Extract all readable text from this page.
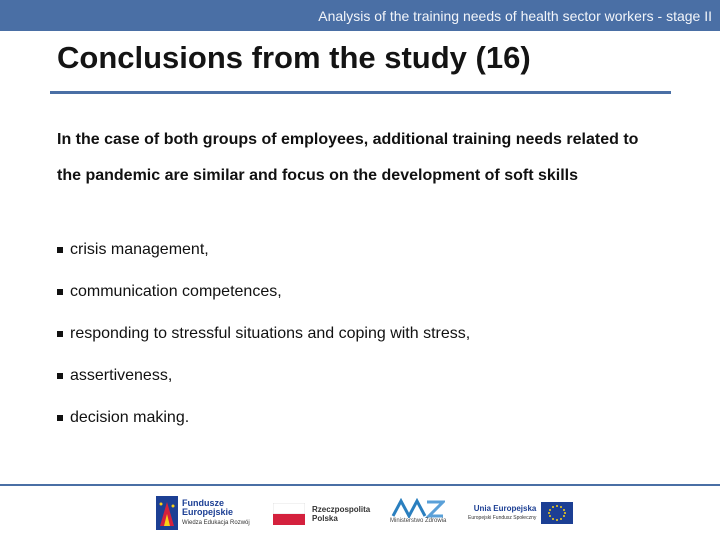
Analysis of the training needs of health sector workers - stage II
Conclusions from the study (16)

In the case of both groups of employees, additional training needs related to the pandemic are similar and focus on the development of soft skills

crisis management,
communication competences,
responding to stressful situations and coping with stress,
assertiveness,
decision making.
Fundusze
Europejskie
Wiedza Edukacja Rozwój
Rzeczpospolita
Polska	Ministerstwo Zdrowia
Unia Europejska
Europejski Fundusz Społeczny
